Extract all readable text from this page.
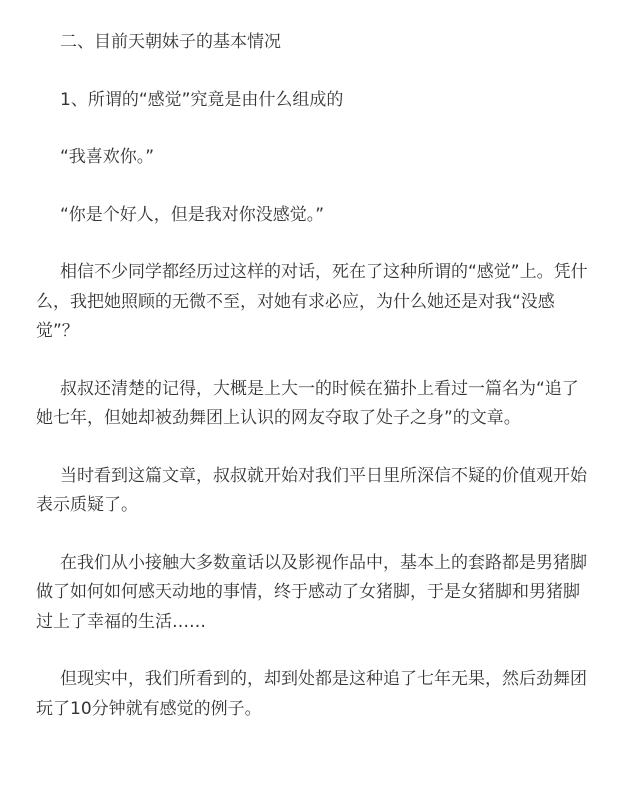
二、目前天朝妹子的基本情况

1、所谓的“感觉”究竟是由什么组成的

“我喜欢你。”

“你是个好人，但是我对你没感觉。”

相信不少同学都经历过这样的对话，死在了这种所谓的“感觉”上。凭什么，我把她照顾的无微不至，对她有求必应，为什么她还是对我“没感觉”？

叔叔还清楚的记得，大概是上大一的时候在猫扑上看过一篇名为“追了她七年，但她却被劲舞团上认识的网友夺取了处子之身”的文章。

当时看到这篇文章，叔叔就开始对我们平日里所深信不疑的价值观开始表示质疑了。

在我们从小接触大多数童话以及影视作品中，基本上的套路都是男猪脚做了如何如何感天动地的事情，终于感动了女猪脚，于是女猪脚和男猪脚过上了幸福的生活……

但现实中，我们所看到的，却到处都是这种追了七年无果，然后劲舞团玩了10分钟就有感觉的例子。
